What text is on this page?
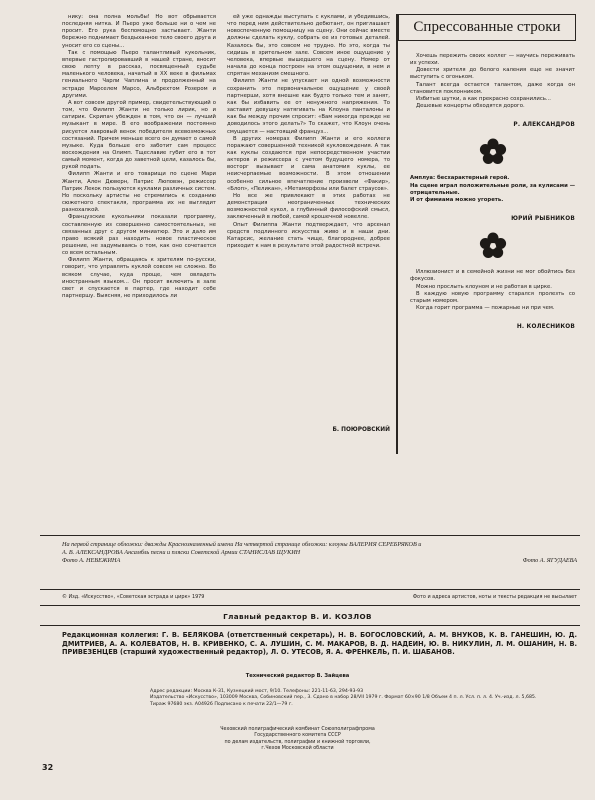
нику: она полна мольбы! Но вот обрывается последняя нитка. И Пьеро уже больше ни о чем не просит. Его рука беспомощно застывает. Жанти бережно поднимает бездыханное тело своего друга и уносит его со сцены...

Так с помощью Пьеро талантливый кукольник, впервые гастролировавший в нашей стране, вносит свою лепту в рассказ, посвященный судьбе маленького человека, начатый в XX веке в фильмах гениального Чарли Чаплина и продолженный на эстраде Марселем Марсо, Альбрехтом Розером и другими.

А вот совсем другой пример, свидетельствующий о том, что Филипп Жанти не только лирик, но и сатирик. Скрипач убежден в том, что он — лучший музыкант в мире. В его воображении постоянно рисуется лавровый венок победителя всевозможных состязаний. Причем меньше всего он думает о самой музыке. Куда больше его заботит сам процесс восхождения на Олимп. Тщеславие губит его в тот самый момент, когда до заветной цели, казалось бы, рукой подать.

Филипп Жанти и его товарищи по сцене Мари Жанти, Ален Дюверн, Патрис Люповэн, режиссер Патрик Лекок пользуются куклами различных систем. Но поскольку артисты не стремились к созданию сюжетного спектакля, программа их не выглядит разнохалкой.

Французские кукольники показали программу, составленную из совершенно самостоятельных, не связанных друг с другом миниатюр. Это и дало им право всякий раз находить новое пластическое решение, не задумываясь о том, как оно сочетается со всем остальным.

Филипп Жанти, обращаясь к зрителям по-русски, говорит, что управлять куклой совсем не сложно. Во всяком случае, куда проще, чем овладеть иностранным языком... Он просит включить в зале свет и спускается в партер, где находит себе партнершу. Выясняя, не приходилось ли

ей уже однажды выступать с куклами, и убедившись, что перед ним действительно дебютант, он приглашает новоспеченную помощницу на сцену. Они сейчас вместе должны сделать куклу, собрать ее из готовых деталей. Казалось бы, это совсем не трудно. Но это, когда ты сидишь в зрительном зале. Совсем иное ощущение у человека, впервые вышедшего на сцену. Номер от начала до конца построен на этом ощущении, в нем и спрятан механизм смешного.

Филипп Жанти не упускает ни одной возможности сохранить это первоначальное ощущение у своей партнерши, хотя внешне как будто только тем и занят, как бы избавить ее от ненужного напряжения. То заставит девушку натягивать на Клоуна панталоны и как бы между прочим спросит: «Вам никогда прежде не доводилось этого делать?» То скажет, что Клоун очень смущается — настоящий француз...

В других номерах Филипп Жанти и его коллеги поражают совершенной техникой кукловождения. А так как куклы создаются при непосредственном участии актеров и режиссера с учетом будущего номера, то восторг вызывает и сама анатомия куклы, ее неисчерпаемые возможности. В этом отношении особенно сильное впечатление произвели «Факир», «Блоп», «Пеликан», «Метаморфозы или балет страусов».

Но все же привлекают в этих работах не демонстрация неограниченных технических возможностей кукол, а глубинный философский смысл, заключенный в любой, самой крошечной новелле.

Опыт Филиппа Жанти подтверждает, что арсенал средств подлинного искусства живо и в наши дни. Катарсис, желание стать чище, благороднее, добрее приходит к нам в результате этой радостной встречи.

Б. ПОЮРОВСКИЙ
Спрессованные строки

Хочешь пережить своих коллег — научись переживать их успехи.

Довести зрителя до белого каления еще не значит выступить с огоньком.

Талант всегда остается талантом, даже когда он становится поклонником.

Избитые шутки, а как прекрасно сохранились...

Дешевые концерты обходятся дорого.

Р. АЛЕКСАНДРОВ

Амплуа: бесхарактерный герой.

На сцене играл положительные роли, за кулисами — отрицательные.

И от фимиама можно угореть.

ЮРИЙ РЫБНИКОВ

Иллюзионист и в семейной жизни не мог обойтись без фокусов.

Можно прослыть клоуном и не работая в цирке.

В каждую новую программу старался пролезть со старым номером.

Когда горит программа — пожарные ни при чем.

Н. КОЛЕСНИКОВ
На первой странице обложки: дважды Краснознаменный имени На четвертой странице обложки: клоуны ВАЛЕРИЯ СЕРЕБРЯКОВ и
А. В. АЛЕКСАНДРОВА Ансамбль песни и пляски Советской Армии СТАНИСЛАВ ЩУКИН
Фото А. НЕВЕЖИНА	Фото А. ЯГУДАЕВА
© Изд. «Искусство», «Советская эстрада и цирк» 1979	Фото и адреса артистов, ноты и тексты редакция не высылает
Главный редактор В. И. КОЗЛОВ
Редакционная коллегия: Г. В. БЕЛЯКОВА (ответственный секретарь), Н. В. БОГОСЛОВСКИЙ, А. М. ВНУКОВ, К. В. ГАНЕШИН, Ю. Д. ДМИТРИЕВ, А. А. КОЛЕВАТОВ, Н. В. КРИВЕНКО, С. А. ЛУШИН, С. М. МАКАРОВ, В. Д. НАДЕИН, Ю. В. НИКУЛИН, Л. М. ОШАНИН, Н. В. ПРИВЕЗЕНЦЕВ (старший художественный редактор), Л. О. УТЕСОВ, Я. А. ФРЕНКЕЛЬ, П. И. ШАБАНОВ.
Технический редактор В. Зайцева
Адрес редакции: Москва К-31, Кузнецкий мост, 9/10. Телефоны: 221-11-63, 294-93-93
Издательство «Искусство», 103009 Москва, Собиновский пер., 3. Сдано в набор 28/VII 1979 г. Формат 60×90 1/8 Объем 4 п. л. Усл. п. л. 4. Уч.-изд. л. 5,685.
Тираж 97680 экз. А04926 Подписано к печати 22/1—79 г.
Чеховский полиграфический комбинат Союзполиграфпрома
Государственного комитета СССР
по делам издательств, полиграфии и книжной торговли,
г.Чехов Московской области
32
